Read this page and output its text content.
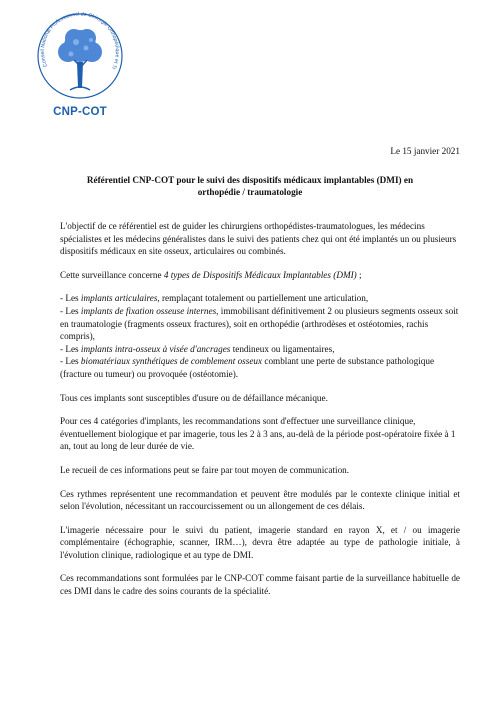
Conseil National Professionnel de Chirurgie Orthopédique et Tr
CNP-COT
Le 15 janvier 2021
Référentiel CNP-COT pour le suivi des dispositifs médicaux implantables (DMI) en
orthopédie / traumatologie

L'objectif de ce référentiel est de guider les chirurgiens orthopédistes-traumatologues, les médecins spécialistes et les médecins généralistes dans le suivi des patients chez qui ont été implantés un ou plusieurs dispositifs médicaux en site osseux, articulaires ou combinés.

Cette surveillance concerne 4 types de Dispositifs Médicaux Implantables (DMI) ;

- Les implants articulaires, remplaçant totalement ou partiellement une articulation,
- Les implants de fixation osseuse internes, immobilisant définitivement 2 ou plusieurs segments osseux soit en traumatologie (fragments osseux fractures), soit en orthopédie (arthrodèses et ostéotomies, rachis compris),
- Les implants intra-osseux à visée d'ancrages tendineux ou ligamentaires,
- Les biomatériaux synthétiques de comblement osseux comblant une perte de substance pathologique (fracture ou tumeur) ou provoquée (ostéotomie).

Tous ces implants sont susceptibles d'usure ou de défaillance mécanique.

Pour ces 4 catégories d'implants, les recommandations sont d'effectuer une surveillance clinique, éventuellement biologique et par imagerie, tous les 2 à 3 ans, au-delà de la période post-opératoire fixée à 1 an, tout au long de leur durée de vie.

Le recueil de ces informations peut se faire par tout moyen de communication.

Ces rythmes représentent une recommandation et peuvent être modulés par le contexte clinique initial et selon l'évolution, nécessitant un raccourcissement ou un allongement de ces délais.

L'imagerie nécessaire pour le suivi du patient, imagerie standard en rayon X, et / ou imagerie complémentaire (échographie, scanner, IRM…), devra être adaptée au type de pathologie initiale, à l'évolution clinique, radiologique et au type de DMI.

Ces recommandations sont formulées par le CNP-COT comme faisant partie de la surveillance habituelle de ces DMI dans le cadre des soins courants de la spécialité.
